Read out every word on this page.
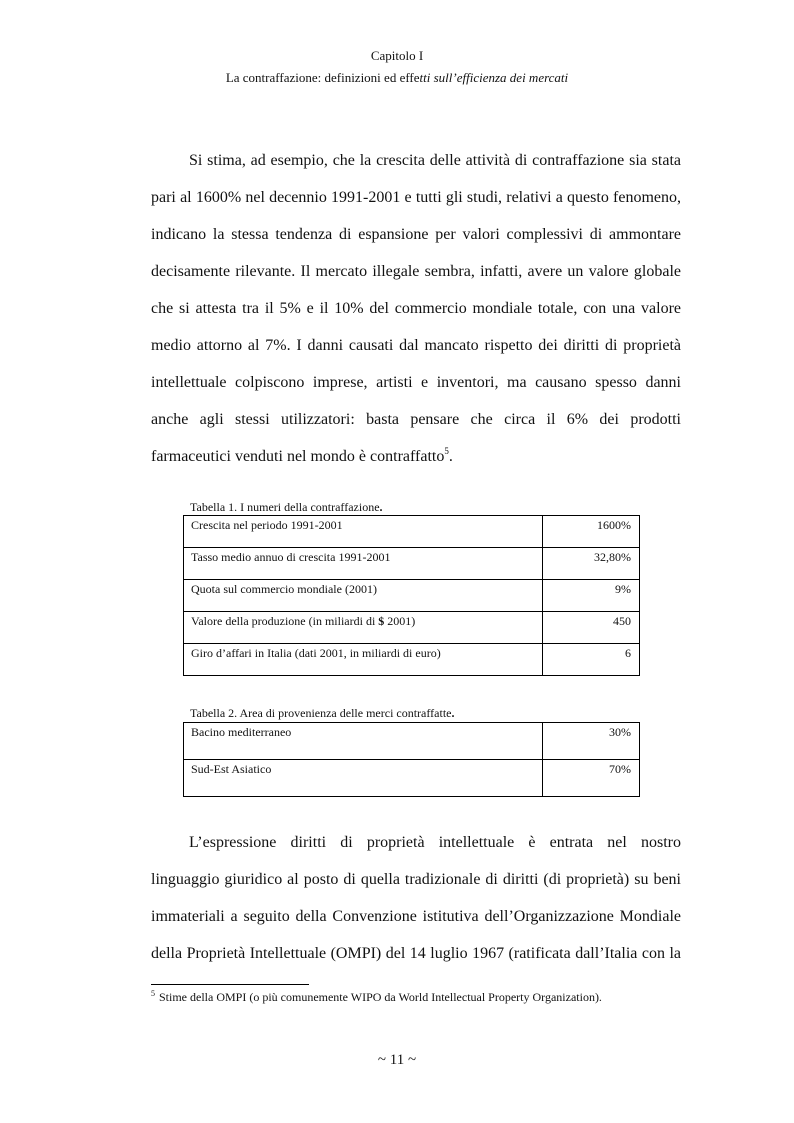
Capitolo I
La contraffazione: definizioni ed effetti sull’efficienza dei mercati
Si stima, ad esempio, che la crescita delle attività di contraffazione sia stata
pari al 1600% nel decennio 1991-2001 e tutti gli studi, relativi a questo fenomeno,
indicano la stessa tendenza di espansione per valori complessivi di ammontare
decisamente rilevante. Il mercato illegale sembra, infatti, avere un valore globale
che si attesta tra il 5% e il 10% del commercio mondiale totale, con una valore
medio attorno al 7%. I danni causati dal mancato rispetto dei diritti di proprietà
intellettuale colpiscono imprese, artisti e inventori, ma causano spesso danni
anche agli stessi utilizzatori: basta pensare che circa il 6% dei prodotti
farmaceutici venduti nel mondo è contraffatto$^5$.
Tabella 1. I numeri della contraffazione.
Crescita nel periodo 1991-2001	1600%
Tasso medio annuo di crescita 1991-2001	32,80%
Quota sul commercio mondiale (2001)	9%
Valore della produzione (in miliardi di $ 2001)	450
Giro d’affari in Italia (dati 2001, in miliardi di euro)	6
Tabella 2. Area di provenienza delle merci contraffatte.
Bacino mediterraneo	30%
Sud-Est Asiatico	70%
L’espressione diritti di proprietà intellettuale è entrata nel nostro
linguaggio giuridico al posto di quella tradizionale di diritti (di proprietà) su beni
immateriali a seguito della Convenzione istitutiva dell’Organizzazione Mondiale
della Proprietà Intellettuale (OMPI) del 14 luglio 1967 (ratificata dall’Italia con la
$^5$ Stime della OMPI (o più comunemente WIPO da World Intellectual Property Organization).
~ 11 ~
